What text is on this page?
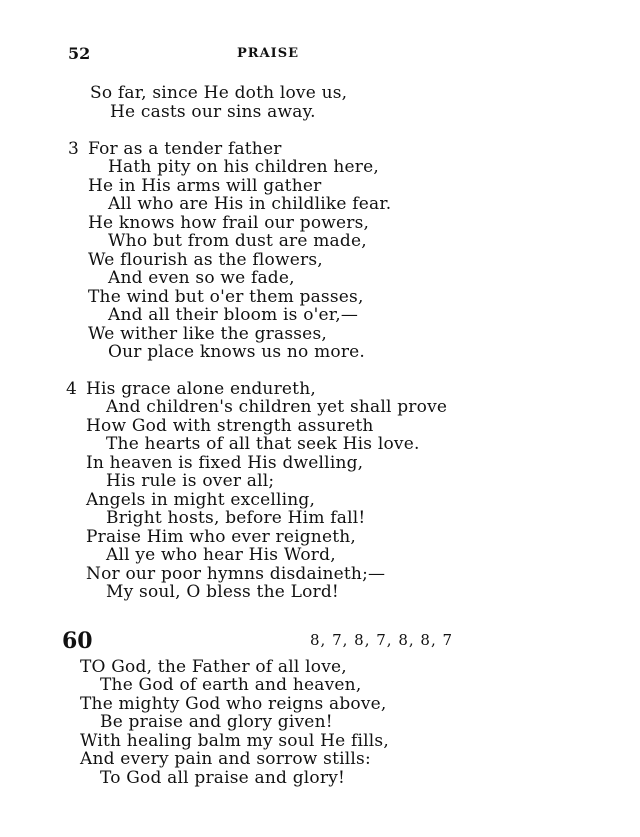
52	PRAISE
So far, since He doth love us,
He casts our sins away.
3 For as a tender father
Hath pity on his children here,
He in His arms will gather
All who are His in childlike fear.
He knows how frail our powers,
Who but from dust are made,
We flourish as the flowers,
And even so we fade,
The wind but o'er them passes,
And all their bloom is o'er,—
We wither like the grasses,
Our place knows us no more.
4 His grace alone endureth,
And children's children yet shall prove
How God with strength assureth
The hearts of all that seek His love.
In heaven is fixed His dwelling,
His rule is over all;
Angels in might excelling,
Bright hosts, before Him fall!
Praise Him who ever reigneth,
All ye who hear His Word,
Nor our poor hymns disdaineth;—
My soul, O bless the Lord!
60	8, 7, 8, 7, 8, 8, 7
TO God, the Father of all love,
The God of earth and heaven,
The mighty God who reigns above,
Be praise and glory given!
With healing balm my soul He fills,
And every pain and sorrow stills:
To God all praise and glory!
